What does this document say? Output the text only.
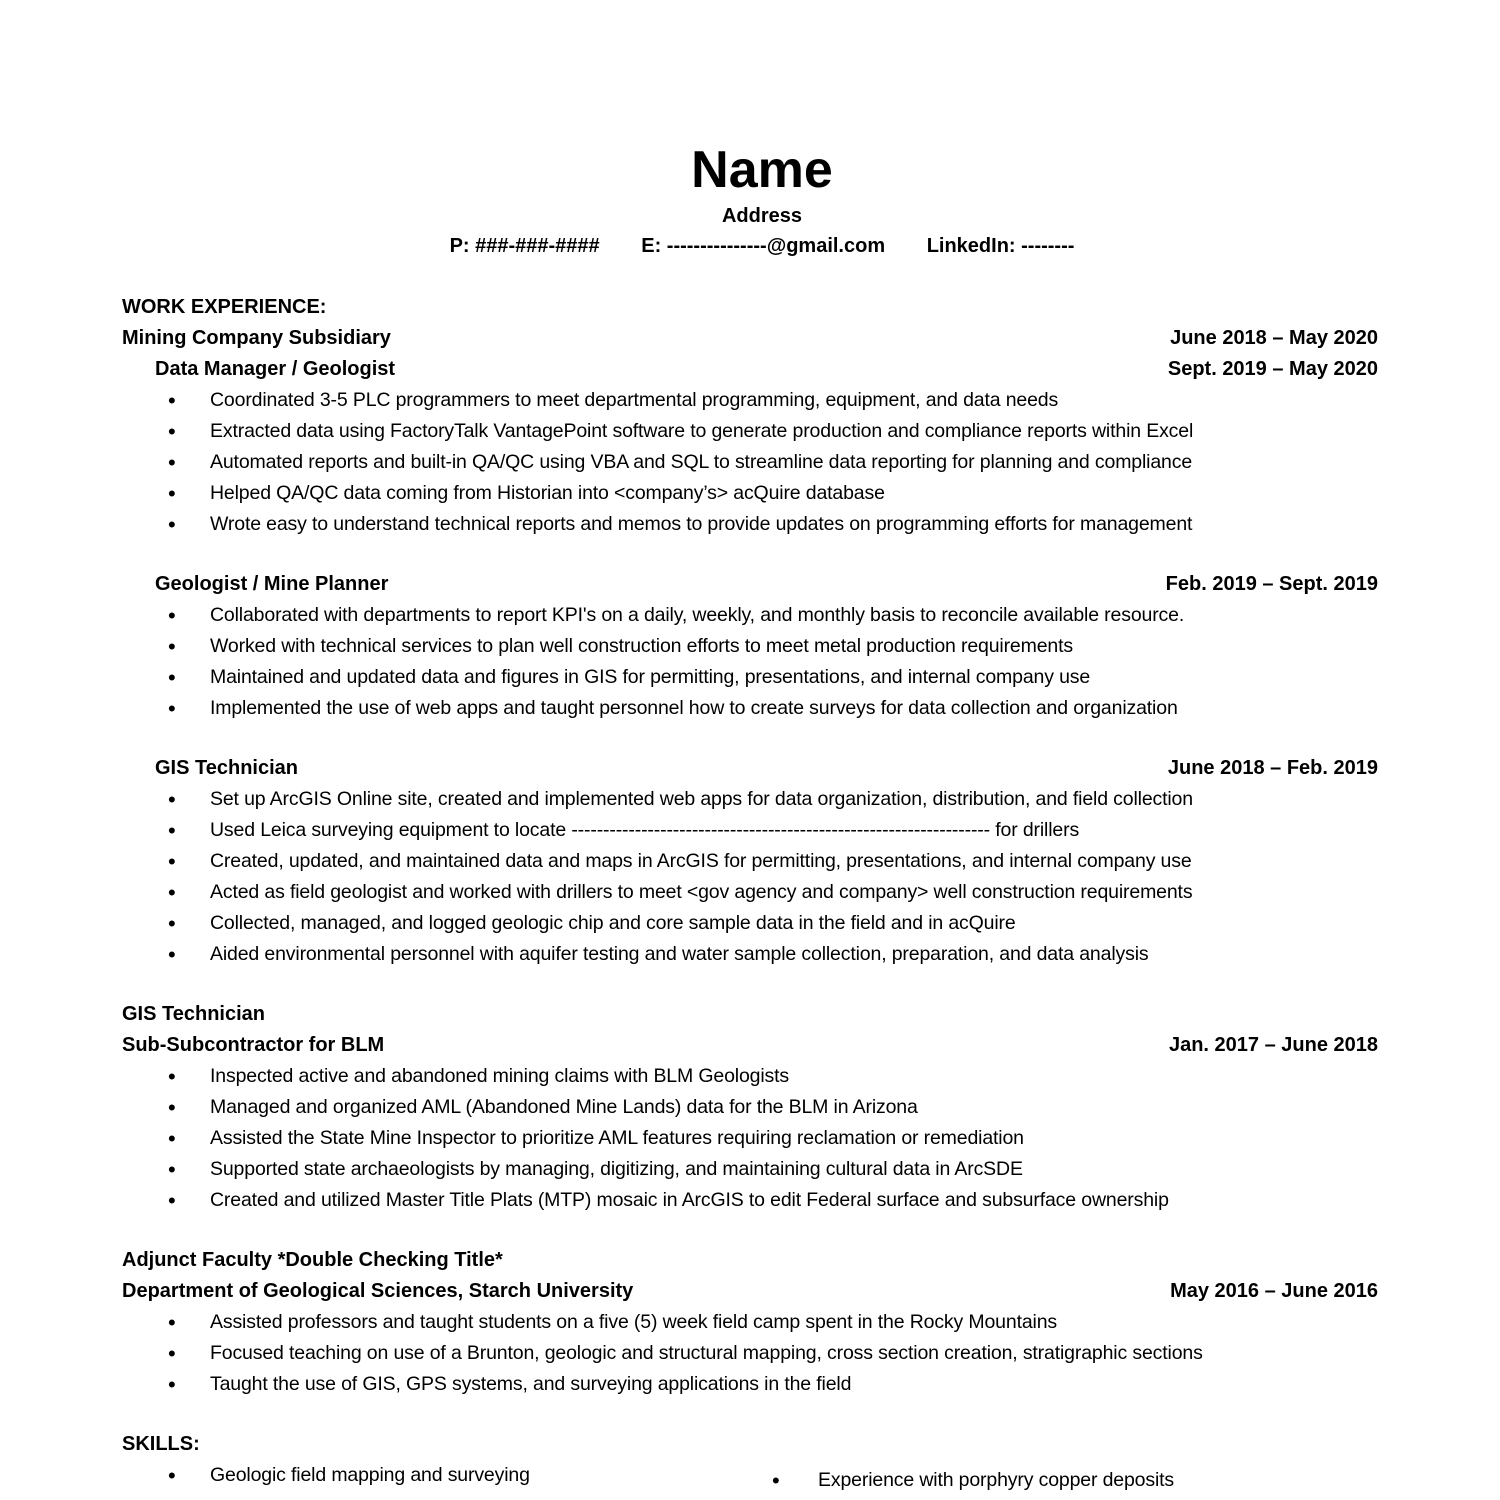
Name
Address
P: ###-###-#### E: ---------------@gmail.com LinkedIn: --------
WORK EXPERIENCE:
Mining Company Subsidiary	June 2018 – May 2020
Data Manager / Geologist	Sept. 2019 – May 2020
• Coordinated 3-5 PLC programmers to meet departmental programming, equipment, and data needs
• Extracted data using FactoryTalk VantagePoint software to generate production and compliance reports within Excel
• Automated reports and built-in QA/QC using VBA and SQL to streamline data reporting for planning and compliance
• Helped QA/QC data coming from Historian into <company’s> acQuire database
• Wrote easy to understand technical reports and memos to provide updates on programming efforts for management
Geologist / Mine Planner	Feb. 2019 – Sept. 2019
• Collaborated with departments to report KPI's on a daily, weekly, and monthly basis to reconcile available resource.
• Worked with technical services to plan well construction efforts to meet metal production requirements
• Maintained and updated data and figures in GIS for permitting, presentations, and internal company use
• Implemented the use of web apps and taught personnel how to create surveys for data collection and organization
GIS Technician	June 2018 – Feb. 2019
• Set up ArcGIS Online site, created and implemented web apps for data organization, distribution, and field collection
• Used Leica surveying equipment to locate ------------------------------------------------------------------ for drillers
• Created, updated, and maintained data and maps in ArcGIS for permitting, presentations, and internal company use
• Acted as field geologist and worked with drillers to meet <gov agency and company> well construction requirements
• Collected, managed, and logged geologic chip and core sample data in the field and in acQuire
• Aided environmental personnel with aquifer testing and water sample collection, preparation, and data analysis
GIS Technician
Sub-Subcontractor for BLM	Jan. 2017 – June 2018
• Inspected active and abandoned mining claims with BLM Geologists
• Managed and organized AML (Abandoned Mine Lands) data for the BLM in Arizona
• Assisted the State Mine Inspector to prioritize AML features requiring reclamation or remediation
• Supported state archaeologists by managing, digitizing, and maintaining cultural data in ArcSDE
• Created and utilized Master Title Plats (MTP) mosaic in ArcGIS to edit Federal surface and subsurface ownership
Adjunct Faculty *Double Checking Title*
Department of Geological Sciences, Starch University	May 2016 – June 2016
• Assisted professors and taught students on a five (5) week field camp spent in the Rocky Mountains
• Focused teaching on use of a Brunton, geologic and structural mapping, cross section creation, stratigraphic sections
• Taught the use of GIS, GPS systems, and surveying applications in the field
SKILLS:
• Geologic field mapping and surveying	• Experience with porphyry copper deposits
